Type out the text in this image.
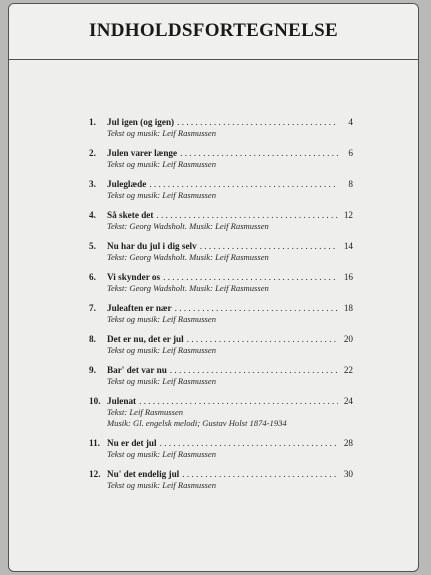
INDHOLDSFORTEGNELSE
1.	Jul igen (og igen) . . .	4
Tekst og musik: Leif Rasmussen
2.	Julen varer længe . . .	6
Tekst og musik: Leif Rasmussen
3.	Juleglæde . . .	8
Tekst og musik: Leif Rasmussen
4.	Så skete det . . .	12
Tekst: Georg Wadsholt. Musik: Leif Rasmussen
5.	Nu har du jul i dig selv . . .	14
Tekst: Georg Wadsholt. Musik: Leif Rasmussen
6.	Vi skynder os . . .	16
Tekst: Georg Wadsholt. Musik: Leif Rasmussen
7.	Juleaften er nær . . .	18
Tekst og musik: Leif Rasmussen
8.	Det er nu, det er jul . . .	20
Tekst og musik: Leif Rasmussen
9.	Bar' det var nu . . .	22
Tekst og musik: Leif Rasmussen
10. Julenat . . .	24
Tekst: Leif Rasmussen
Musik: Gl. engelsk melodi; Gustav Holst 1874-1934
11. Nu er det jul . . .	28
Tekst og musik: Leif Rasmussen
12. Nu' det endelig jul . . .	30
Tekst og musik: Leif Rasmussen
